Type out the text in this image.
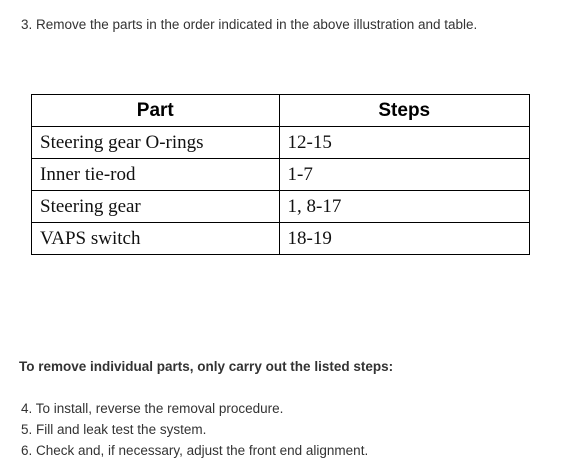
3. Remove the parts in the order indicated in the above illustration and table.
Part	Steps
Steering gear O-rings	12-15
Inner tie-rod	1-7
Steering gear	1, 8-17
VAPS switch	18-19
To remove individual parts, only carry out the listed steps:
4. To install, reverse the removal procedure.
5. Fill and leak test the system.
6. Check and, if necessary, adjust the front end alignment.
